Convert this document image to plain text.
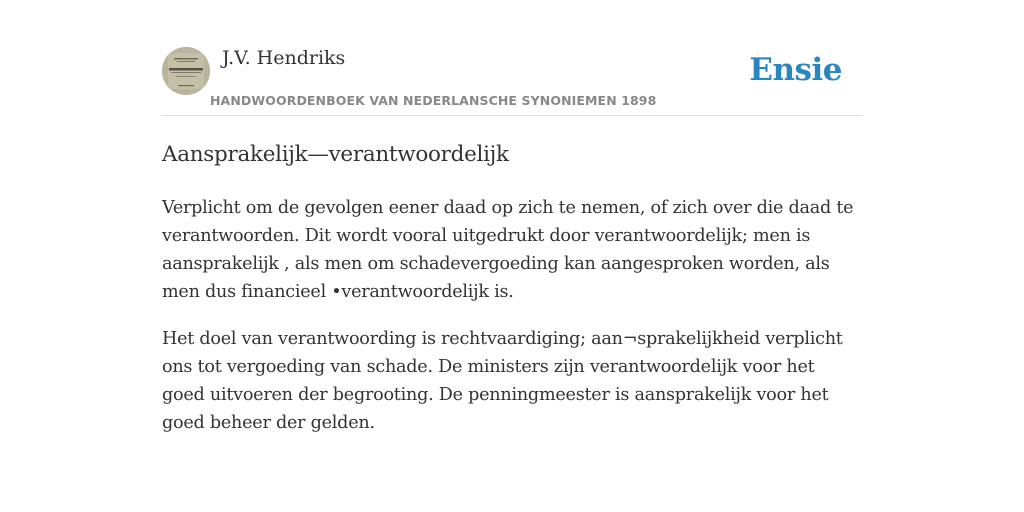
J.V. Hendriks
HANDWOORDENBOEK VAN NEDERLANSCHE SYNONIEMEN 1898
Ensie
Aansprakelijk—verantwoordelijk

Verplicht om de gevolgen eener daad op zich te nemen, of zich over die daad te verantwoorden. Dit wordt vooral uitgedrukt door verantwoordelijk; men is aansprakelijk , als men om schadevergoeding kan aangesproken worden, als men dus financieel •verantwoordelijk is.

Het doel van verantwoording is rechtvaardiging; aan¬sprakelijkheid verplicht ons tot vergoeding van schade. De ministers zijn verantwoordelijk voor het goed uitvoeren der begrooting. De penningmeester is aansprakelijk voor het goed beheer der gelden.
